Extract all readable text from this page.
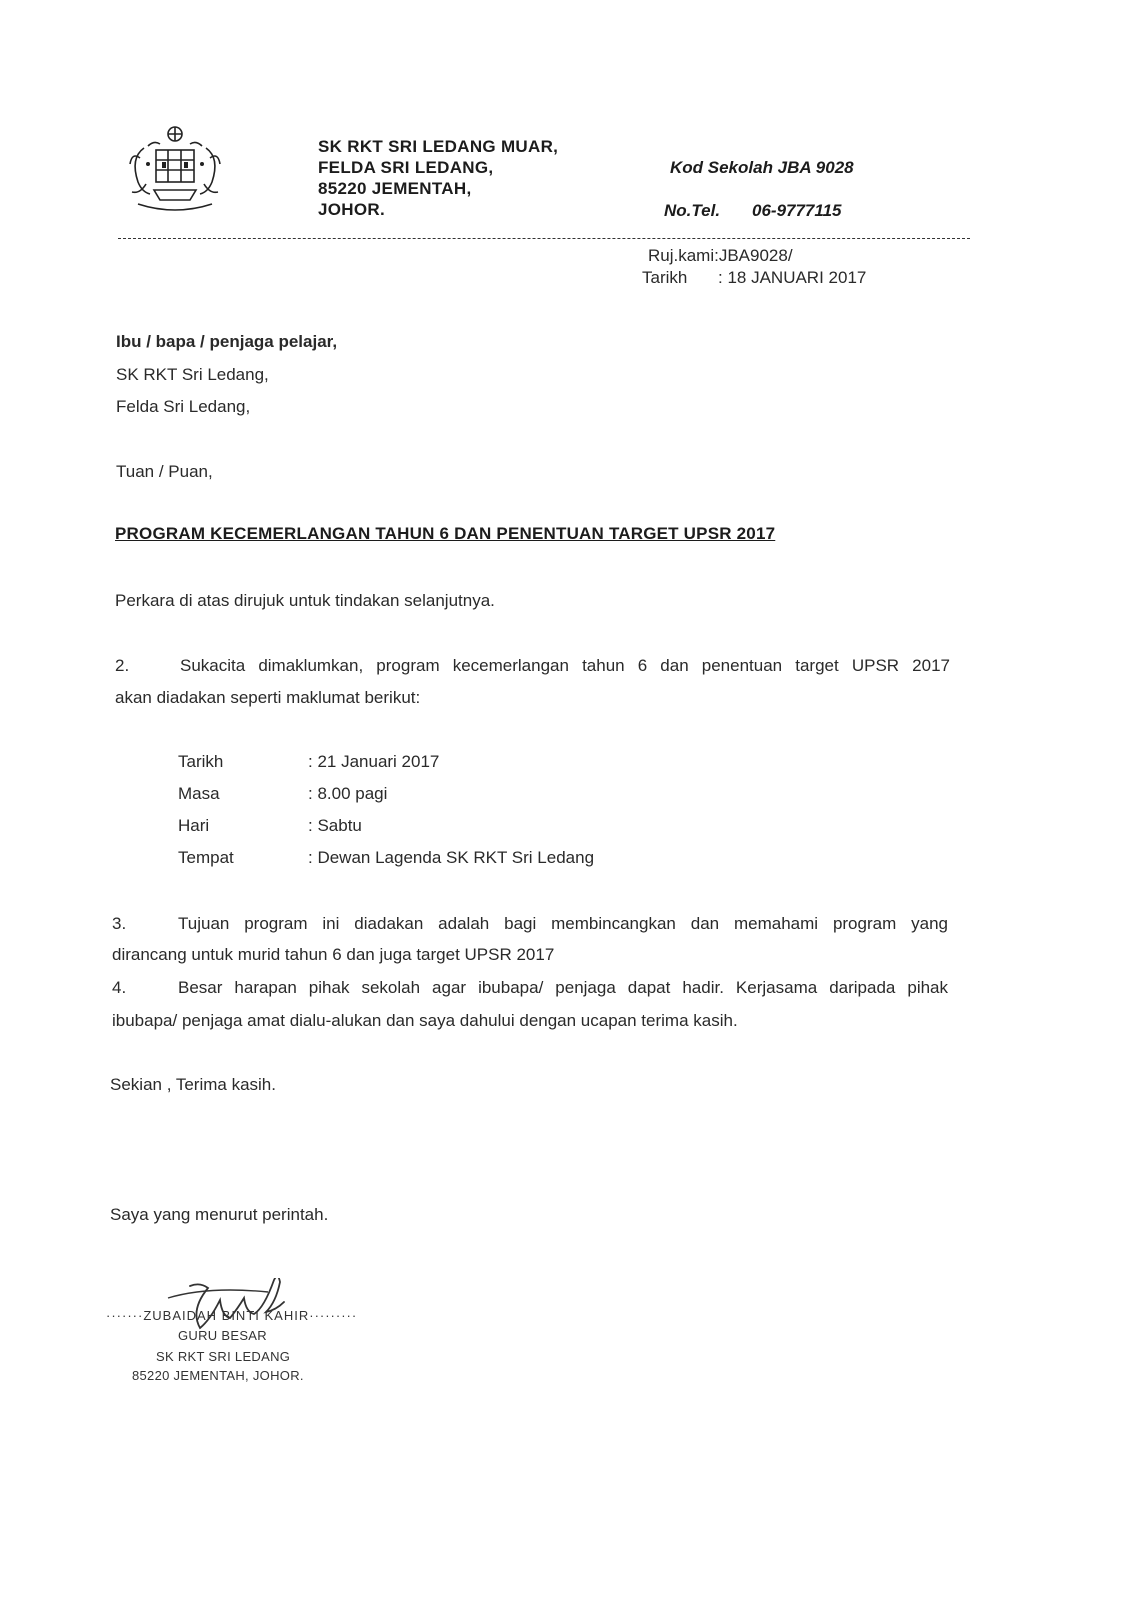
SK RKT SRI LEDANG MUAR,
FELDA SRI LEDANG,
85220 JEMENTAH,
JOHOR.
Kod Sekolah JBA 9028
No.Tel. 06-9777115
Ruj.kami:JBA9028/
Tarikh : 18 JANUARI 2017
Ibu / bapa / penjaga pelajar,
SK RKT Sri Ledang,
Felda Sri Ledang,
Tuan / Puan,
PROGRAM KECEMERLANGAN TAHUN 6 DAN PENENTUAN TARGET UPSR 2017
Perkara di atas dirujuk untuk tindakan selanjutnya.
2.	Sukacita dimaklumkan, program kecemerlangan tahun 6 dan penentuan target UPSR 2017
akan diadakan seperti maklumat berikut:
Tarikh	: 21 Januari 2017
Masa	: 8.00 pagi
Hari	: Sabtu
Tempat	: Dewan Lagenda SK RKT Sri Ledang
3.	Tujuan program ini diadakan adalah bagi membincangkan dan memahami program yang
dirancang untuk murid tahun 6 dan juga target UPSR 2017
4.	Besar harapan pihak sekolah agar ibubapa/ penjaga dapat hadir. Kerjasama daripada pihak
ibubapa/ penjaga amat dialu-alukan dan saya dahului dengan ucapan terima kasih.
Sekian , Terima kasih.
Saya yang menurut perintah.
·······ZUBAIDAH BINTI KAHIR·········
GURU BESAR
SK RKT SRI LEDANG
85220 JEMENTAH, JOHOR.
